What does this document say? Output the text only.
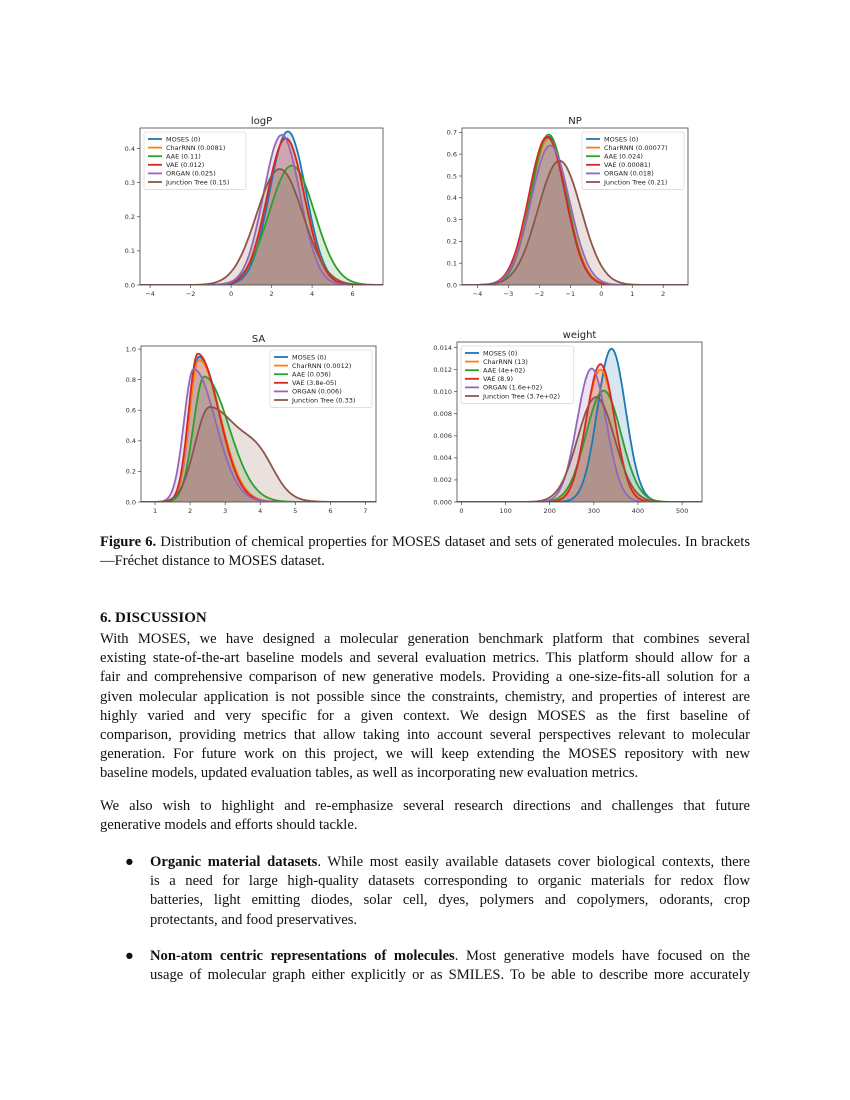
logP
−4	−2	0	2	4	6
0.0
0.1
0.2
0.3
0.4
MOSES (0)
CharRNN (0.0081)
AAE (0.11)
VAE (0.012)
ORGAN (0.025)
Junction Tree (0.15)
NP
−4	−3	−2	−1	0	1	2
0.0
0.1
0.2
0.3
0.4
0.5
0.6
0.7
MOSES (0)
CharRNN (0.00077)
AAE (0.024)
VAE (0.00081)
ORGAN (0.018)
Junction Tree (0.21)
SA
1	2	3	4	5	6	7
0.0
0.2
0.4
0.6
0.8
1.0
MOSES (0)
CharRNN (0.0012)
AAE (0.036)
VAE (3.8e-05)
ORGAN (0.006)
Junction Tree (0.33)
weight
0	100	200	300	400	500
0.000
0.002
0.004
0.006
0.008
0.010
0.012
0.014
MOSES (0)
CharRNN (13)
AAE (4e+02)
VAE (8.9)
ORGAN (1.6e+02)
Junction Tree (3.7e+02)
Figure 6. Distribution of chemical properties for MOSES dataset and sets of generated molecules. In brackets—Fréchet distance to MOSES dataset.
6. DISCUSSION
With MOSES, we have designed a molecular generation benchmark platform that combines several
existing state-of-the-art baseline models and several evaluation metrics. This platform should allow for a
fair and comprehensive comparison of new generative models. Providing a one-size-fits-all solution for a
given molecular application is not possible since the constraints, chemistry, and properties of interest are
highly varied and very specific for a given context. We design MOSES as the first baseline of
comparison, providing metrics that allow taking into account several perspectives relevant to molecular
generation. For future work on this project, we will keep extending the MOSES repository with new
baseline models, updated evaluation tables, as well as incorporating new evaluation metrics.
We also wish to highlight and re-emphasize several research directions and challenges that future
generative models and efforts should tackle.
● Organic material datasets. While most easily available datasets cover biological contexts, there
is a need for large high-quality datasets corresponding to organic materials for redox flow
batteries, light emitting diodes, solar cell, dyes, polymers and copolymers, odorants, crop
protectants, and food preservatives.
● Non-atom centric representations of molecules. Most generative models have focused on the
usage of molecular graph either explicitly or as SMILES. To be able to describe more accurately
